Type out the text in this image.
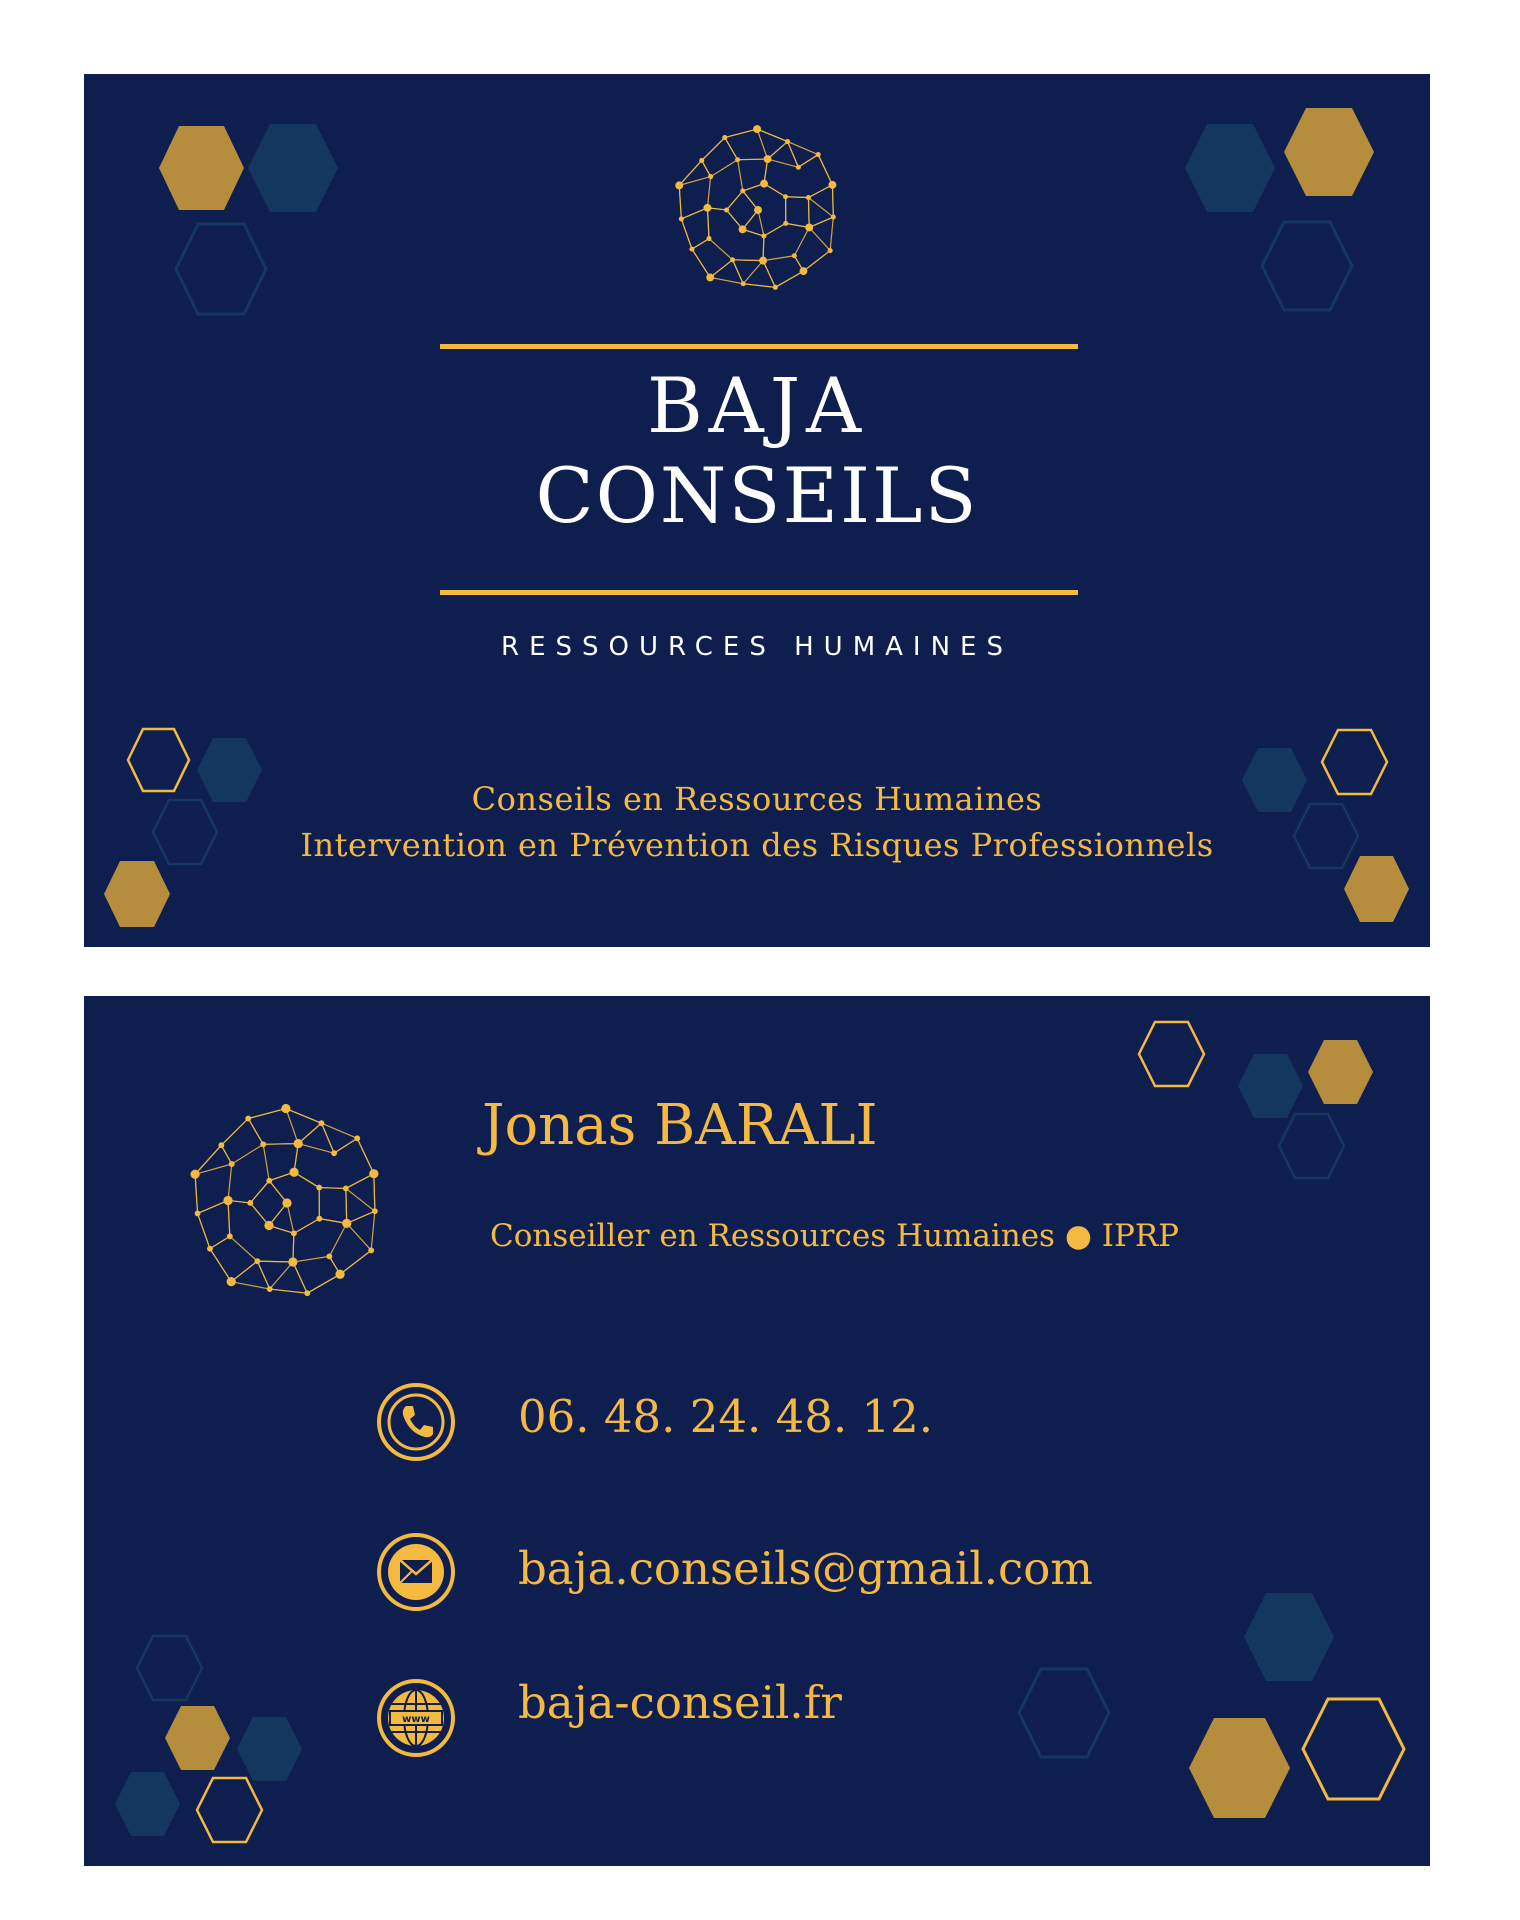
BAJA
CONSEILS
RESSOURCES HUMAINES
Conseils en Ressources Humaines
Intervention en Prévention des Risques Professionnels
Jonas BARALI
Conseiller en Ressources Humaines ● IPRP
06. 48. 24. 48. 12.
baja.conseils@gmail.com
www baja-conseil.fr
